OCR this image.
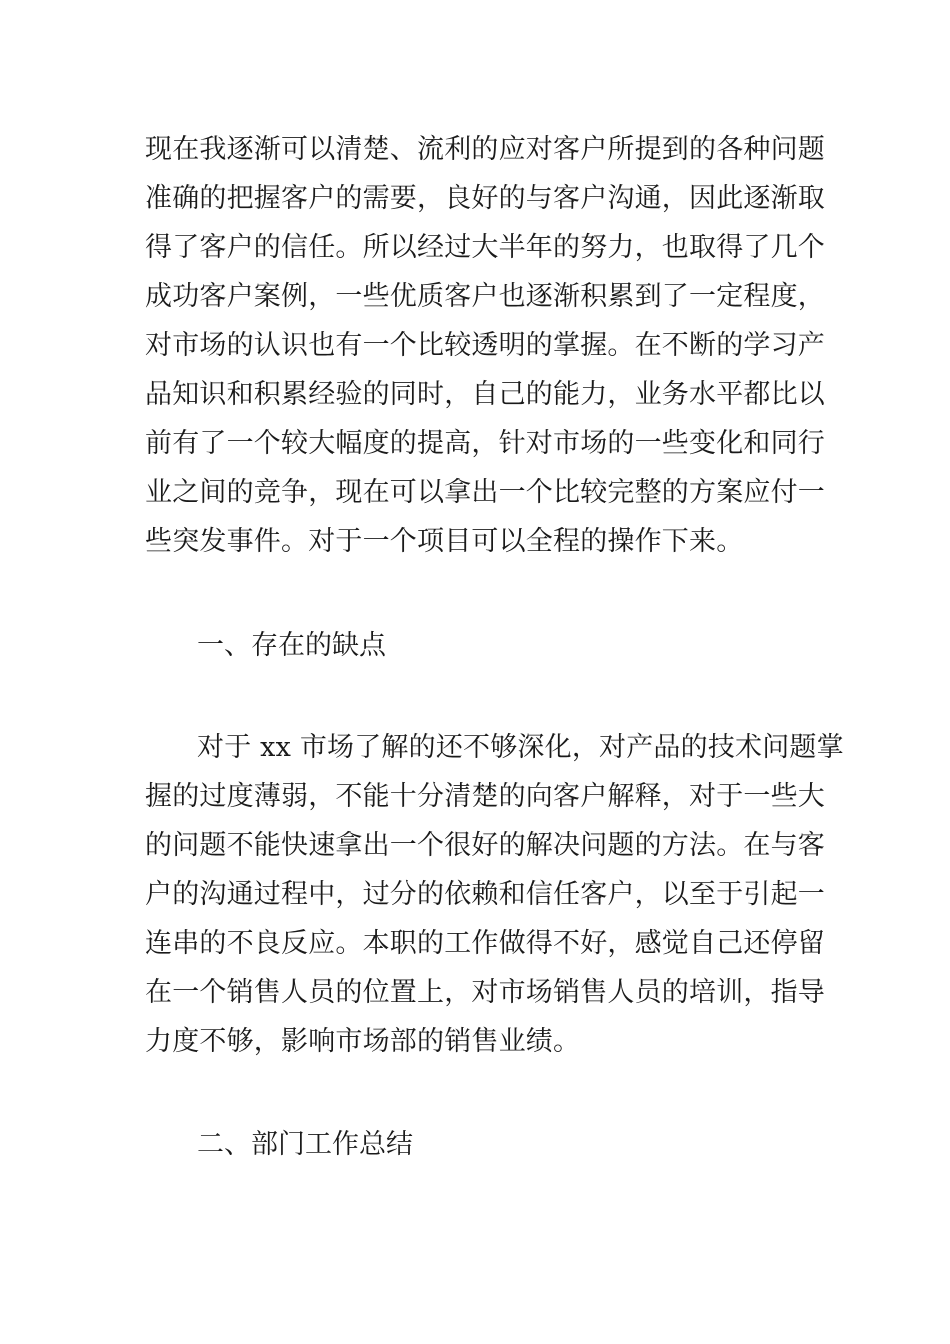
现在我逐渐可以清楚、流利的应对客户所提到的各种问题
准确的把握客户的需要，良好的与客户沟通，因此逐渐取
得了客户的信任。所以经过大半年的努力，也取得了几个
成功客户案例，一些优质客户也逐渐积累到了一定程度，
对市场的认识也有一个比较透明的掌握。在不断的学习产
品知识和积累经验的同时，自己的能力，业务水平都比以
前有了一个较大幅度的提高，针对市场的一些变化和同行
业之间的竞争，现在可以拿出一个比较完整的方案应付一
些突发事件。对于一个项目可以全程的操作下来。
一、存在的缺点
对于 xx 市场了解的还不够深化，对产品的技术问题掌
握的过度薄弱，不能十分清楚的向客户解释，对于一些大
的问题不能快速拿出一个很好的解决问题的方法。在与客
户的沟通过程中，过分的依赖和信任客户，以至于引起一
连串的不良反应。本职的工作做得不好，感觉自己还停留
在一个销售人员的位置上，对市场销售人员的培训，指导
力度不够，影响市场部的销售业绩。
二、部门工作总结
